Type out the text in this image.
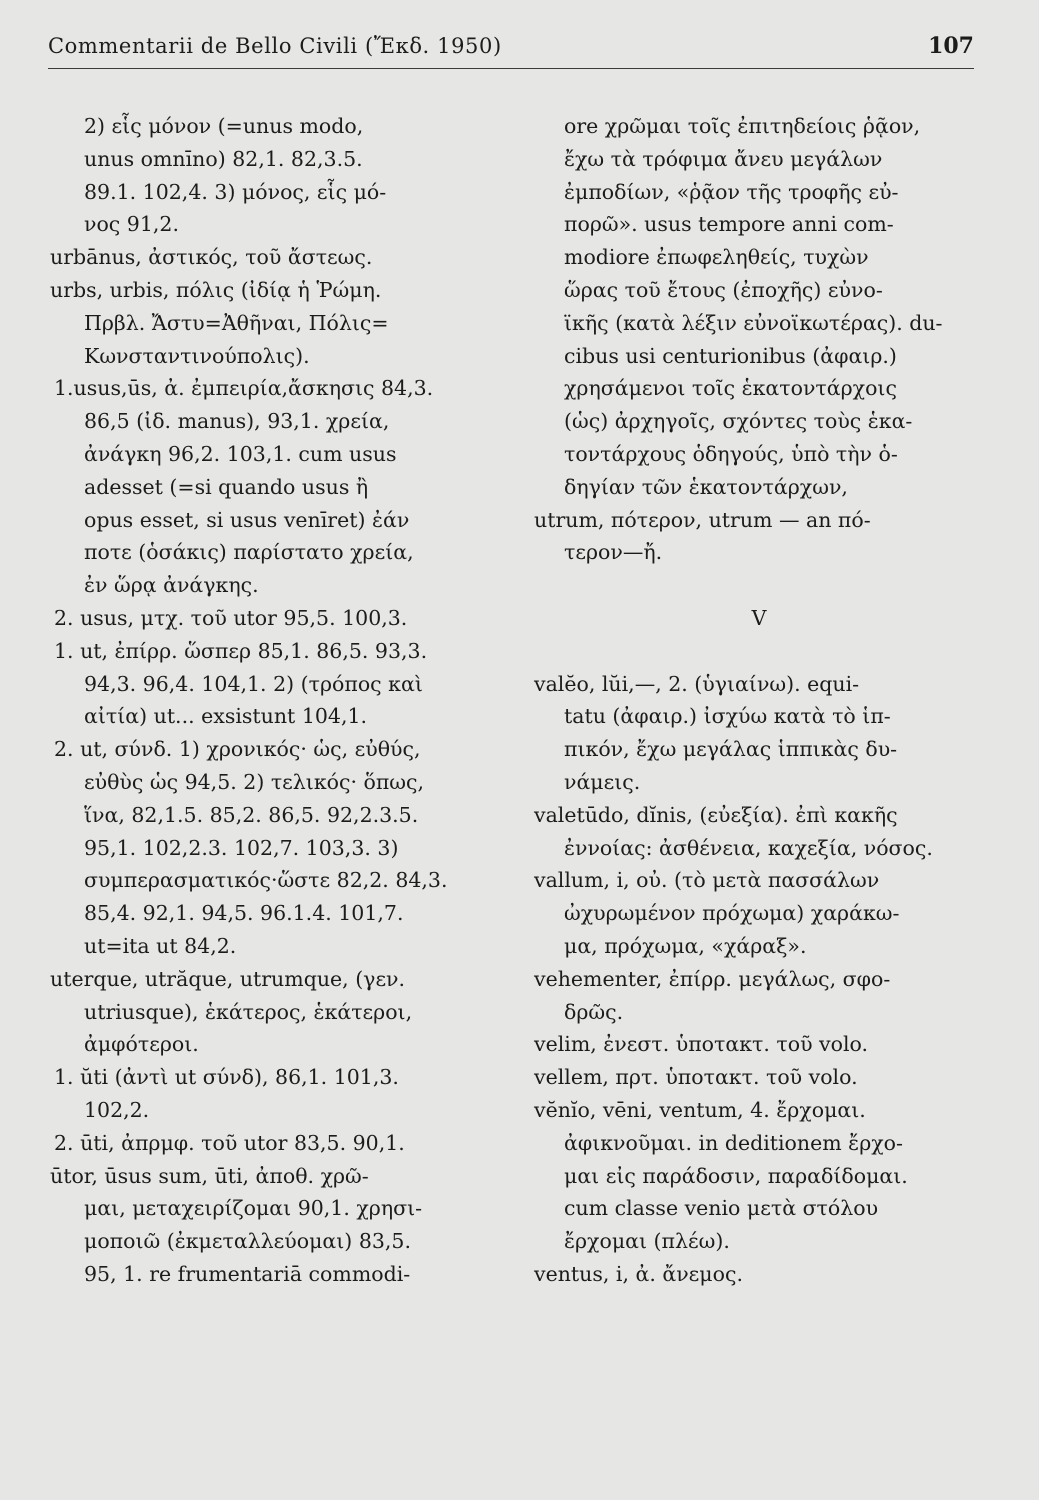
Commentarii de Bello Civili (Ἔκδ. 1950)	107
2) εἷς μόνον (=unus modo,
unus omnīno) 82,1. 82,3.5.
89.1. 102,4. 3) μόνος, εἷς μό-
νος 91,2.
urbānus, ἀστικός, τοῦ ἄστεως.
urbs, urbis, πόλις (ἰδίᾳ ἡ Ῥώμη.
Πρβλ. Ἄστυ=Ἀθῆναι, Πόλις=
Κωνσταντινούπολις).
1.usus,ūs, ἀ. ἐμπειρία,ἄσκησις 84,3.
86,5 (ἰδ. manus), 93,1. χρεία,
ἀνάγκη 96,2. 103,1. cum usus
adesset (=si quando usus ἢ
opus esset, si usus venīret) ἐάν
ποτε (ὁσάκις) παρίστατο χρεία,
ἐν ὥρᾳ ἀνάγκης.
2. usus, μτχ. τοῦ utor 95,5. 100,3.
1. ut, ἐπίρρ. ὥσπερ 85,1. 86,5. 93,3.
94,3. 96,4. 104,1. 2) (τρόπος καὶ
αἰτία) ut... exsistunt 104,1.
2. ut, σύνδ. 1) χρονικός· ὡς, εὐθύς,
εὐθὺς ὡς 94,5. 2) τελικός· ὅπως,
ἵνα, 82,1.5. 85,2. 86,5. 92,2.3.5.
95,1. 102,2.3. 102,7. 103,3. 3)
συμπερασματικός·ὥστε 82,2. 84,3.
85,4. 92,1. 94,5. 96.1.4. 101,7.
ut=ita ut 84,2.
uterque, utrăque, utrumque, (γεν.
utriusque), ἑκάτερος, ἑκάτεροι,
ἀμφότεροι.
1. ŭti (ἀντὶ ut σύνδ), 86,1. 101,3.
102,2.
2. ūti, ἀπρμφ. τοῦ utor 83,5. 90,1.
ūtor, ūsus sum, ūti, ἀποθ. χρῶ-
μαι, μεταχειρίζομαι 90,1. χρησι-
μοποιῶ (ἐκμεταλλεύομαι) 83,5.
95, 1. re frumentariā commodi-
ore χρῶμαι τοῖς ἐπιτηδείοις ῥᾷον,
ἔχω τὰ τρόφιμα ἄνευ μεγάλων
ἐμποδίων, «ῥᾷον τῆς τροφῆς εὐ-
πορῶ». usus tempore anni com-
modiore ἐπωφεληθείς, τυχὼν
ὥρας τοῦ ἔτους (ἐποχῆς) εὐνο-
ϊκῆς (κατὰ λέξιν εὐνοϊκωτέρας). du-
cibus usi centurionibus (ἀφαιρ.)
χρησάμενοι τοῖς ἑκατοντάρχοις
(ὡς) ἀρχηγοῖς, σχόντες τοὺς ἑκα-
τοντάρχους ὁδηγούς, ὑπὸ τὴν ὁ-
δηγίαν τῶν ἑκατοντάρχων,
utrum, πότερον, utrum — an πό-
τερον—ἤ.
V
valĕo, lŭi,—, 2. (ὑγιαίνω). equi-
tatu (ἀφαιρ.) ἰσχύω κατὰ τὸ ἱπ-
πικόν, ἔχω μεγάλας ἱππικὰς δυ-
νάμεις.
valetūdo, dĭnis, (εὐεξία). ἐπὶ κακῆς
ἐννοίας: ἀσθένεια, καχεξία, νόσος.
vallum, i, οὐ. (τὸ μετὰ πασσάλων
ὠχυρωμένον πρόχωμα) χαράκω-
μα, πρόχωμα, «χάραξ».
vehementer, ἐπίρρ. μεγάλως, σφο-
δρῶς.
velim, ἐνεστ. ὑποτακτ. τοῦ volo.
vellem, πρτ. ὑποτακτ. τοῦ volo.
vĕnĭo, vēni, ventum, 4. ἔρχομαι.
ἀφικνοῦμαι. in deditionem ἔρχο-
μαι εἰς παράδοσιν, παραδίδομαι.
cum classe venio μετὰ στόλου
ἔρχομαι (πλέω).
ventus, i, ἀ. ἄνεμος.
